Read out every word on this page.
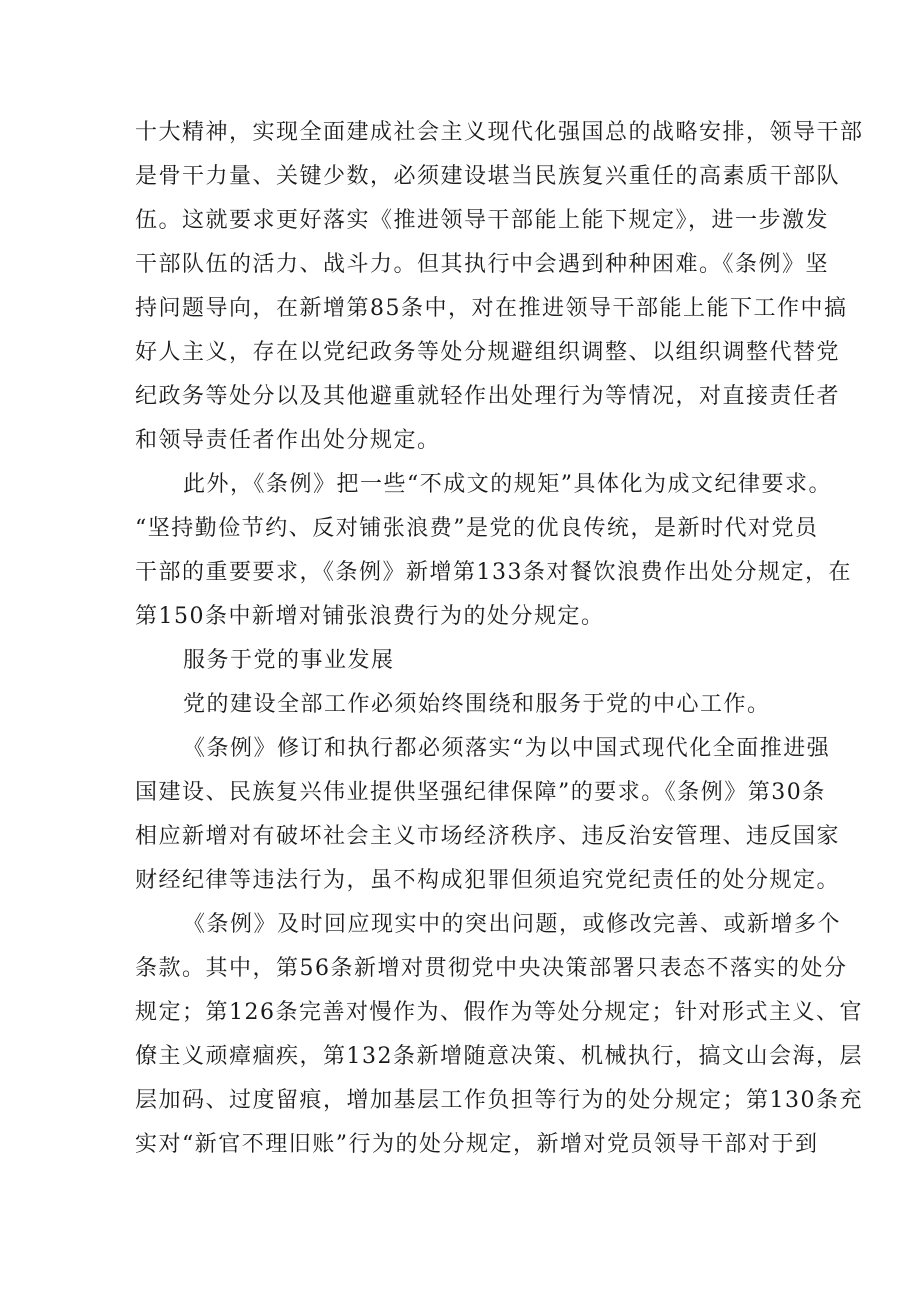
十大精神，实现全面建成社会主义现代化强国总的战略安排，领导干部
是骨干力量、关键少数，必须建设堪当民族复兴重任的高素质干部队
伍。这就要求更好落实《推进领导干部能上能下规定》，进一步激发
干部队伍的活力、战斗力。但其执行中会遇到种种困难。《条例》坚
持问题导向，在新增第85条中，对在推进领导干部能上能下工作中搞
好人主义，存在以党纪政务等处分规避组织调整、以组织调整代替党
纪政务等处分以及其他避重就轻作出处理行为等情况，对直接责任者
和领导责任者作出处分规定。
此外，《条例》把一些“不成文的规矩”具体化为成文纪律要求。
“坚持勤俭节约、反对铺张浪费”是党的优良传统，是新时代对党员
干部的重要要求，《条例》新增第133条对餐饮浪费作出处分规定，在
第150条中新增对铺张浪费行为的处分规定。
服务于党的事业发展
党的建设全部工作必须始终围绕和服务于党的中心工作。
《条例》修订和执行都必须落实“为以中国式现代化全面推进强
国建设、民族复兴伟业提供坚强纪律保障”的要求。《条例》第30条
相应新增对有破坏社会主义市场经济秩序、违反治安管理、违反国家
财经纪律等违法行为，虽不构成犯罪但须追究党纪责任的处分规定。
《条例》及时回应现实中的突出问题，或修改完善、或新增多个
条款。其中，第56条新增对贯彻党中央决策部署只表态不落实的处分
规定；第126条完善对慢作为、假作为等处分规定；针对形式主义、官
僚主义顽瘴痼疾，第132条新增随意决策、机械执行，搞文山会海，层
层加码、过度留痕，增加基层工作负担等行为的处分规定；第130条充
实对“新官不理旧账”行为的处分规定，新增对党员领导干部对于到
